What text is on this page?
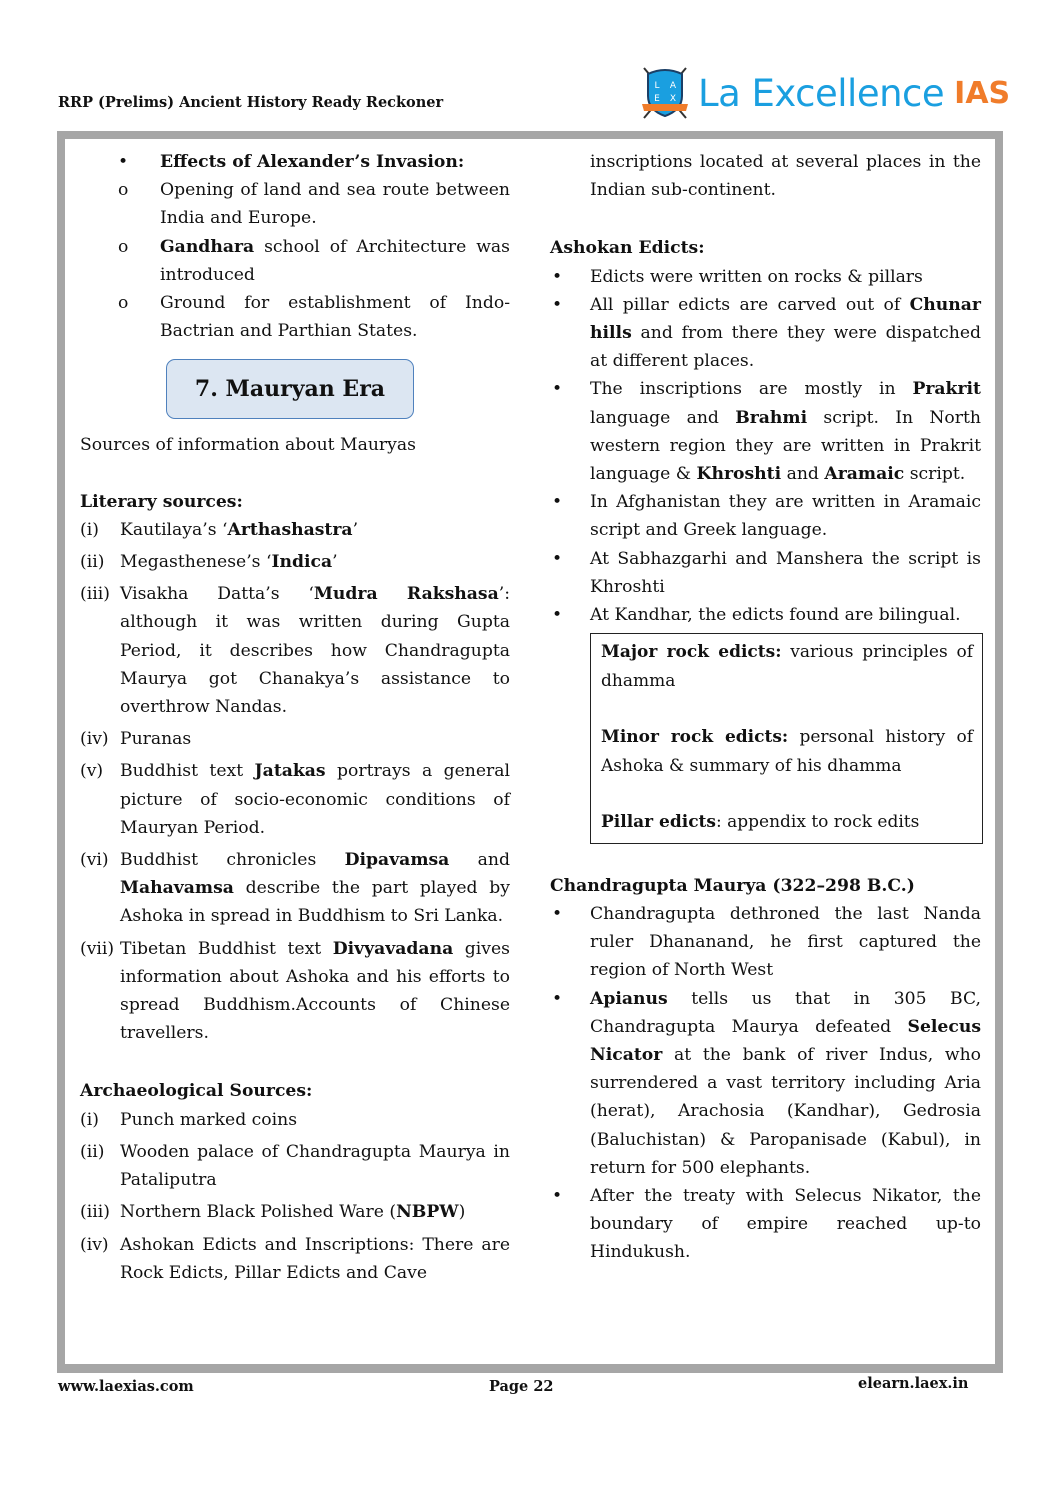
RRP (Prelims) Ancient History Ready Reckoner
L A
E X La Excellence IAS
•	Effects of Alexander’s Invasion:
o	Opening of land and sea route between India and Europe.
o	Gandhara school of Architecture was introduced
o	Ground for establishment of Indo-Bactrian and Parthian States.
7. Mauryan Era
Sources of information about Mauryas
Literary sources:
(i)	Kautilaya’s ‘Arthashastra’
(ii) Megasthenese’s ‘Indica’
(iii) Visakha Datta’s ‘Mudra Rakshasa’: although it was written during Gupta Period, it describes how Chandragupta Maurya got Chanakya’s assistance to overthrow Nandas.
(iv) Puranas
(v) Buddhist text Jatakas portrays a general picture of socio-economic conditions of Mauryan Period.
(vi) Buddhist chronicles Dipavamsa and Mahavamsa describe the part played by Ashoka in spread in Buddhism to Sri Lanka.
(vii) Tibetan Buddhist text Divyavadana gives information about Ashoka and his efforts to spread Buddhism.Accounts of Chinese travellers.
Archaeological Sources:
(i)	Punch marked coins
(ii) Wooden palace of Chandragupta Maurya in Pataliputra
(iii) Northern Black Polished Ware (NBPW)
(iv) Ashokan Edicts and Inscriptions: There are Rock Edicts, Pillar Edicts and Cave
inscriptions located at several places in the Indian sub-continent.
Ashokan Edicts:
•	Edicts were written on rocks & pillars
•	All pillar edicts are carved out of Chunar hills and from there they were dispatched at different places.
•	The inscriptions are mostly in Prakrit language and Brahmi script. In North western region they are written in Prakrit language & Khroshti and Aramaic script.
•	In Afghanistan they are written in Aramaic script and Greek language.
•	At Sabhazgarhi and Manshera the script is Khroshti
•	At Kandhar, the edicts found are bilingual.

Major rock edicts: various principles of dhamma

Minor rock edicts: personal history of Ashoka & summary of his dhamma

Pillar edicts: appendix to rock edits

Chandragupta Maurya (322–298 B.C.)
•	Chandragupta dethroned the last Nanda ruler Dhananand, he first captured the region of North West
•	Apianus tells us that in 305 BC, Chandragupta Maurya defeated Selecus Nicator at the bank of river Indus, who surrendered a vast territory including Aria (herat), Arachosia (Kandhar), Gedrosia (Baluchistan) & Paropanisade (Kabul), in return for 500 elephants.
•	After the treaty with Selecus Nikator, the boundary of empire reached up-to Hindukush.
www.laexias.com	Page 22	elearn.laex.in
